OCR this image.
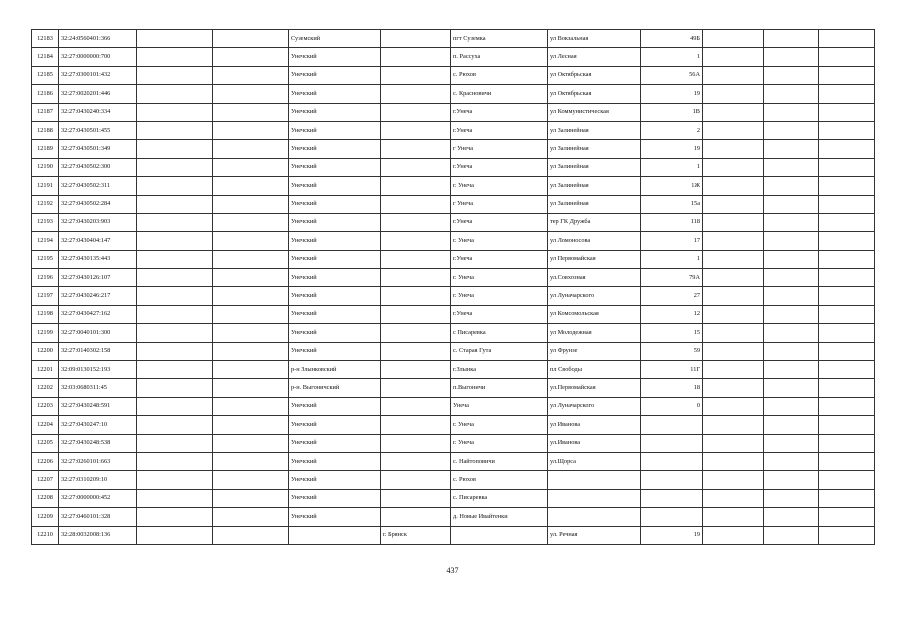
12183	32:24:0560401:366			Суземский		пгт Суземка	ул Вокзальная	49Б			
12184	32:27:0000000:700			Унечский		п. Рассуха	ул Лесная	1			
12185	32:27:0300101:432			Унечский		с. Рюхов	ул Октябрьская	56А			
12186	32:27:0020201:446			Унечский		с. Красновичи	ул Октябрьская	19			
12187	32:27:0430240:334			Унечский		г.Унеча	ул Коммунистическая	1В			
12188	32:27:0430501:455			Унечский		г.Унеча	ул Залинейная	2			
12189	32:27:0430501:349			Унечский		г Унеча	ул Залинейная	19			
12190	32:27:0430502:300			Унечский		г.Унеча	ул Залинейная	1			
12191	32:27:0430502:311			Унечский		г. Унеча	ул Залинейная	1Ж			
12192	32:27:0430502:284			Унечский		г Унеча	ул Залинейная	15а			
12193	32:27:0430203:903			Унечский		г.Унеча	тер ГК Дружба	118			
12194	32:27:0430404:147			Унечский		г. Унеча	ул Ломоносова	17			
12195	32:27:0430135:443			Унечский		г.Унеча	ул Первомайская	1			
12196	32:27:0430126:107			Унечский		г. Унеча	ул.Совхозная	79А			
12197	32:27:0430246:217			Унечский		г. Унеча	ул Луначарского	27			
12198	32:27:0430427:162			Унечский		г.Унеча	ул Комсомольская	12			
12199	32:27:0040101:300			Унечский		с Писаревка	ул Молодежная	15			
12200	32:27:0140302:158			Унечский		с. Старая Гута	ул Фрунзе	59			
12201	32:09:0130152:193			р-н Злынковский		г.Злынка	пл Свободы	11Г			
12202	32:03:0680311:45			р-н. Выгоничский		п.Выгоничи	ул.Первомайская	18			
12203	32:27:0430248:591			Унечский		Унеча	ул Луначарского	0			
12204	32:27:0430247:10			Унечский		г. Унеча	ул Иванова				
12205	32:27:0430248:538			Унечский		г. Унеча	ул.Иванова				
12206	32:27:0260101:663			Унечский		с. Найтоповичи	ул.Щорса				
12207	32:27:0310209:10			Унечский		с. Рюхов					
12208	32:27:0000000:452			Унечский		с. Писаревка					
12209	32:27:0460101:328			Унечский		д. Новые Ивайтенки					
12210	32:28:0032008:136				г. Брянск		ул. Речная	19			
437
